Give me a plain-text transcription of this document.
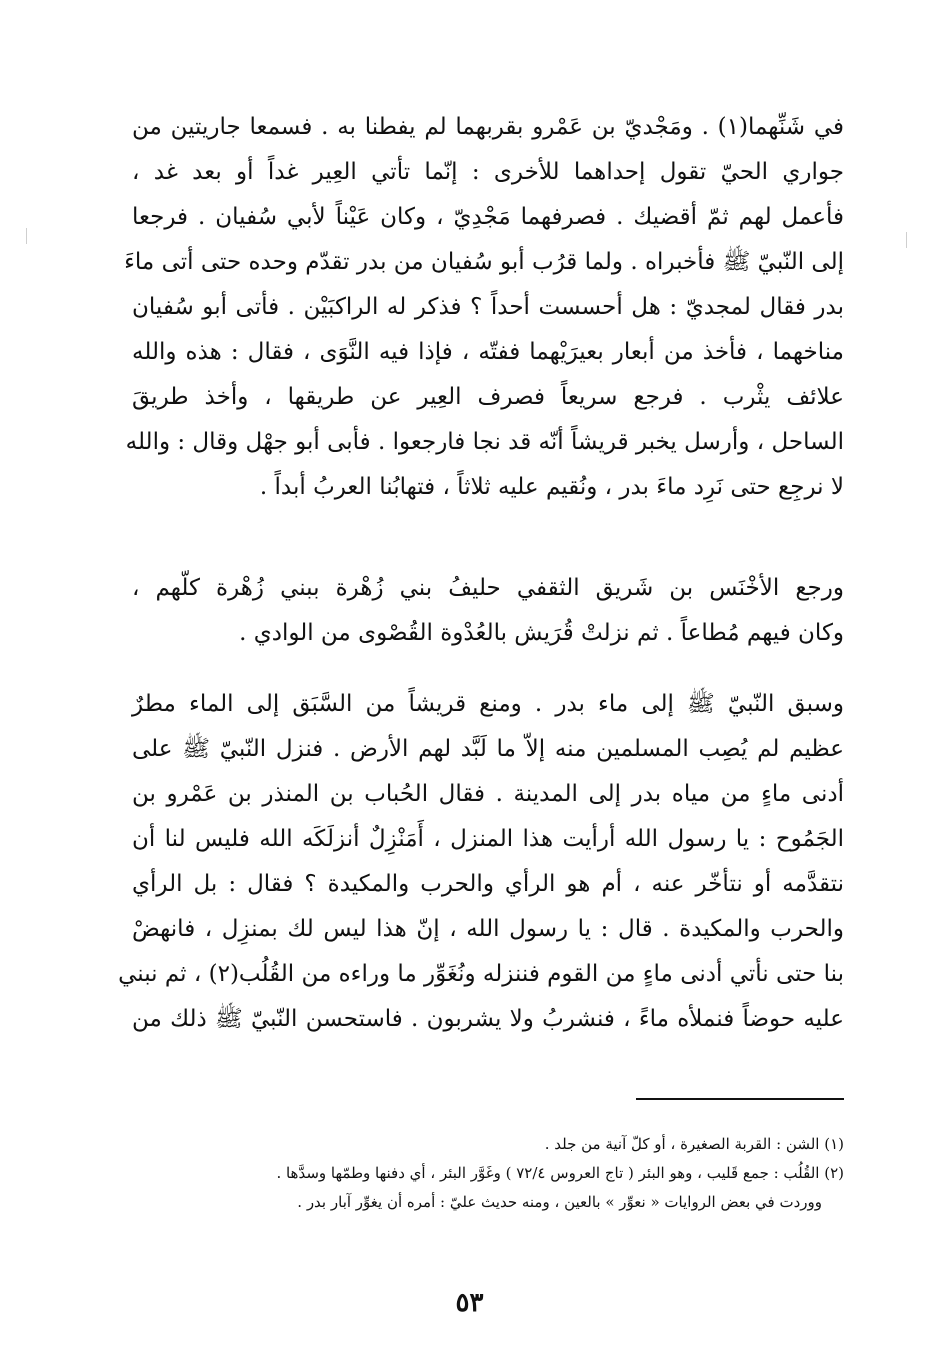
في شَنِّهما(١) . ومَجْديّ بن عَمْرو بقربهما لم يفطنا به . فسمعا جاريتين من
جواري الحيّ تقول إحداهما للأخرى : إنّما تأتي العِير غداً أو بعد غد ،
فأعمل لهم ثمّ أقضيك . فصرفهما مَجْدِيّ ، وكان عَيْناً لأبي سُفيان . فرجعا
إلى النّبيّ ﷺ فأخبراه . ولما قرُب أبو سُفيان من بدر تقدّم وحده حتى أتى ماءَ
بدر فقال لمجديّ : هل أحسست أحداً ؟ فذكر له الراكبَيْن . فأتى أبو سُفيان
مناخهما ، فأخذ من أبعار بعيرَيْهما ففتّه ، فإذا فيه النَّوَى ، فقال : هذه والله
علائف يثْرب . فرجع سريعاً فصرف العِير عن طريقها ، وأخذ طريقَ
الساحل ، وأرسل يخبر قريشاً أنّه قد نجا فارجعوا . فأبى أبو جهْل وقال : والله
لا نرجِع حتى نَرِد ماءَ بدر ، ونُقيم عليه ثلاثاً ، فتهابُنا العربُ أبداً .
ورجع الأخْنَس بن شَريق الثقفي حليفُ بني زُهْرة ببني زُهْرة كلّهم ،
وكان فيهم مُطاعاً . ثم نزلتْ قُرَيش بالعُدْوة القُصْوى من الوادي .
وسبق النّبيّ ﷺ إلى ماء بدر . ومنع قريشاً من السَّبَق إلى الماء مطرٌ
عظيم لم يُصِب المسلمين منه إلاّ ما لَبَّد لهم الأرض . فنزل النّبيّ ﷺ على
أدنى ماءٍ من مياه بدر إلى المدينة . فقال الحُباب بن المنذر بن عَمْرو بن
الجَمُوح : يا رسول الله أرأيت هذا المنزل ، أَمَنْزِلٌ أنزلَكَه الله فليس لنا أن
نتقدَّمه أو نتأخّر عنه ، أم هو الرأي والحرب والمكيدة ؟ فقال : بل الرأي
والحرب والمكيدة . قال : يا رسول الله ، إنّ هذا ليس لك بمنزِل ، فانهضْ
بنا حتى نأتي أدنى ماءٍ من القوم فننزله ونُغَوِّر ما وراءه من القُلُب(٢) ، ثم نبني
عليه حوضاً فنملأه ماءً ، فنشربُ ولا يشربون . فاستحسن النّبيّ ﷺ ذلك من
(١) الشن : القربة الصغيرة ، أو كلّ آنية من جلد .
(٢) القُلُب : جمع قَليب ، وهو البئر ( تاج العروس ٧٢/٤ ) وغَوَّر البئر ، أي دفنها وطمّها وسدَّها .
ووردت في بعض الروايات « نعوِّر » بالعين ، ومنه حديث عليّ : أمره أن يغوِّر آبار بدر .
٥٣
